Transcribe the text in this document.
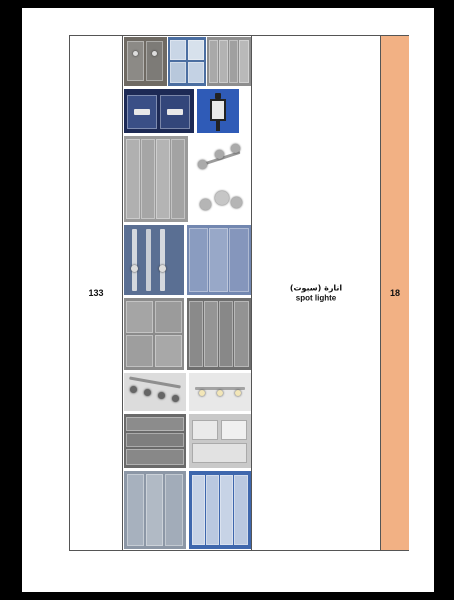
133	انارة (سبوت)
spot lighte	18
